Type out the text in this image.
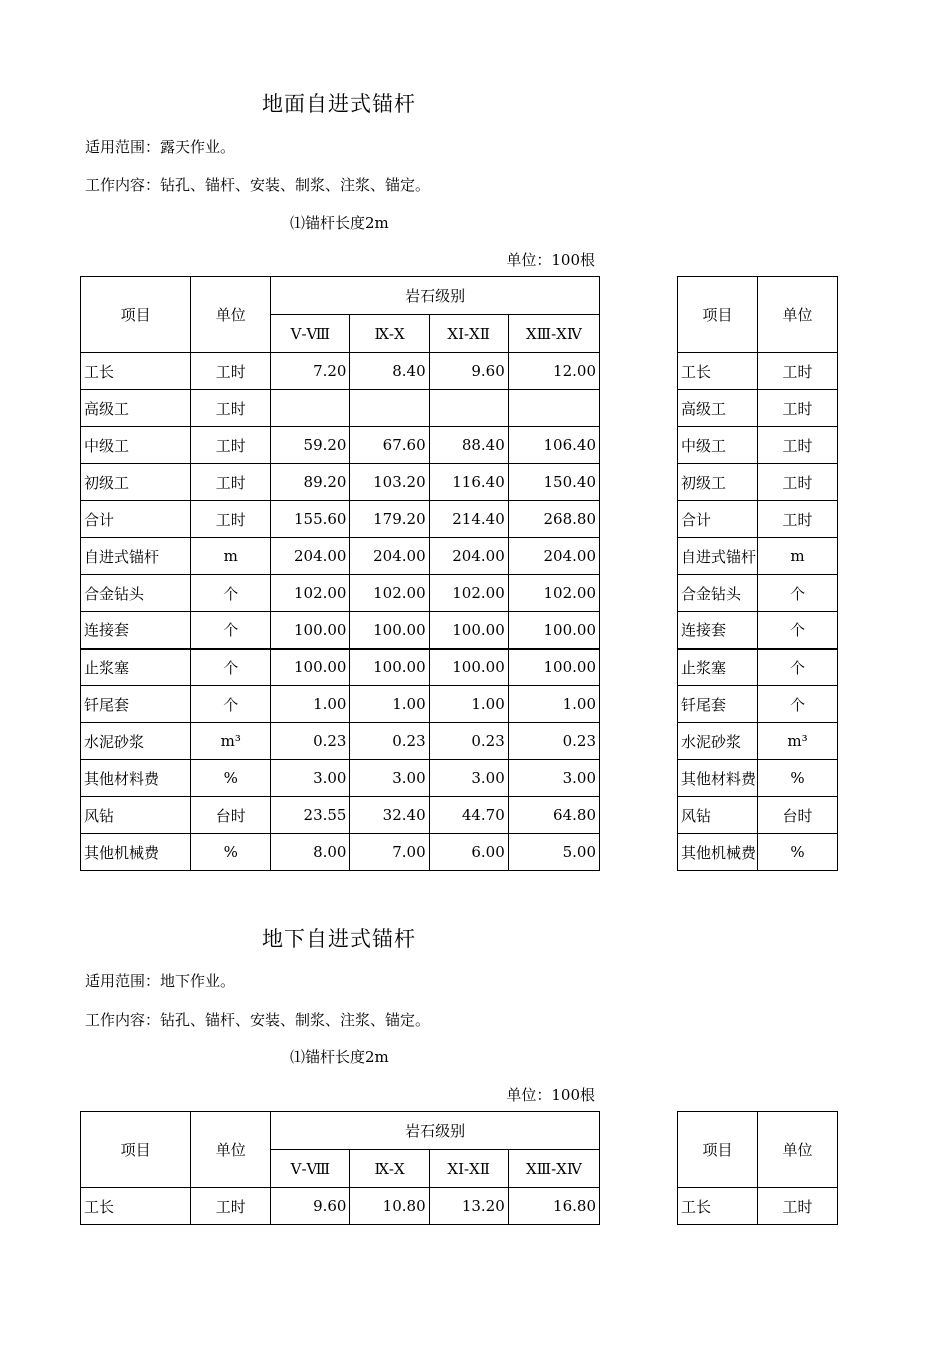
地面自进式锚杆
适用范围：露天作业。
工作内容：钻孔、锚杆、安装、制浆、注浆、锚定。
⑴锚杆长度2m
单位：100根
项目	单位	岩石级别			
		Ⅴ-Ⅷ	Ⅸ-Ⅹ	ⅩⅠ-ⅩⅡ	ⅩⅢ-ⅩⅣ
工长	工时	7.20	8.40	9.60	12.00
高级工	工时				
中级工	工时	59.20	67.60	88.40	106.40
初级工	工时	89.20	103.20	116.40	150.40
合计	工时	155.60	179.20	214.40	268.80
自进式锚杆	m	204.00	204.00	204.00	204.00
合金钻头	个	102.00	102.00	102.00	102.00
连接套	个	100.00	100.00	100.00	100.00
止浆塞	个	100.00	100.00	100.00	100.00
钎尾套	个	1.00	1.00	1.00	1.00
水泥砂浆	m³	0.23	0.23	0.23	0.23
其他材料费	%	3.00	3.00	3.00	3.00
风钻	台时	23.55	32.40	44.70	64.80
其他机械费	%	8.00	7.00	6.00	5.00
项目	单位
工长	工时
高级工	工时
中级工	工时
初级工	工时
合计	工时
自进式锚杆	m
合金钻头	个
连接套	个
止浆塞	个
钎尾套	个
水泥砂浆	m³
其他材料费	%
风钻	台时
其他机械费	%
地下自进式锚杆
适用范围：地下作业。
工作内容：钻孔、锚杆、安装、制浆、注浆、锚定。
⑴锚杆长度2m
单位：100根
项目	单位	岩石级别			
		Ⅴ-Ⅷ	Ⅸ-Ⅹ	ⅩⅠ-ⅩⅡ	ⅩⅢ-ⅩⅣ
工长	工时	9.60	10.80	13.20	16.80
项目	单位
工长	工时
